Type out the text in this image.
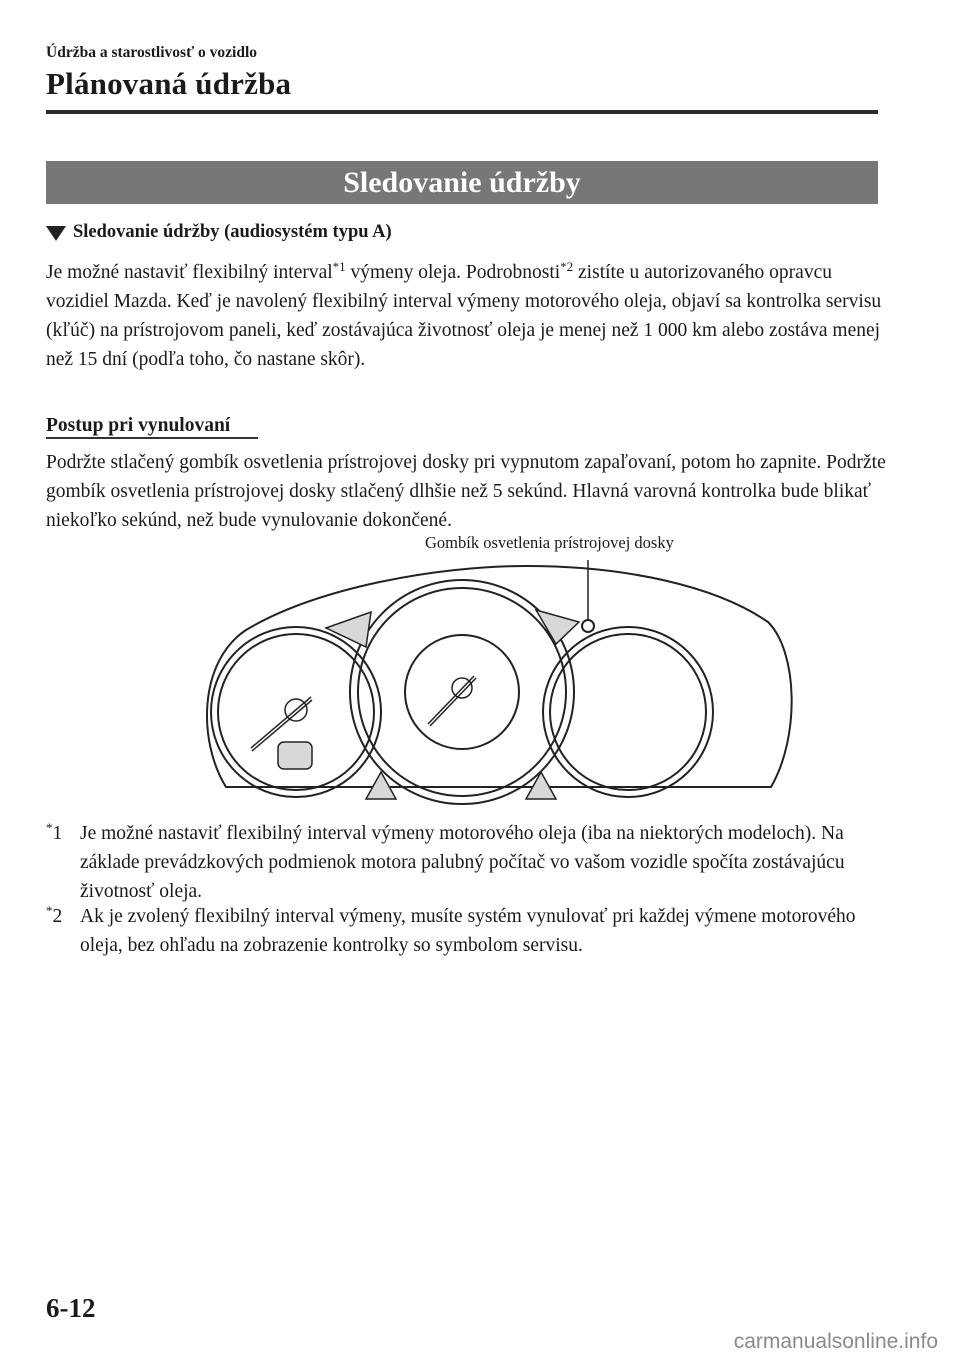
Údržba a starostlivosť o vozidlo
Plánovaná údržba
Sledovanie údržby
Sledovanie údržby (audiosystém typu A)

Je možné nastaviť flexibilný interval$^{*1}$ výmeny oleja. Podrobnosti$^{*2}$ zistíte u autorizovaného opravcu vozidiel Mazda. Keď je navolený flexibilný interval výmeny motorového oleja, objaví sa kontrolka servisu (kľúč) na prístrojovom paneli, keď zostávajúca životnosť oleja je menej než 1 000 km alebo zostáva menej než 15 dní (podľa toho, čo nastane skôr).

Postup pri vynulovaní

Podržte stlačený gombík osvetlenia prístrojovej dosky pri vypnutom zapaľovaní, potom ho zapnite. Podržte gombík osvetlenia prístrojovej dosky stlačený dlhšie než 5 sekúnd. Hlavná varovná kontrolka bude blikať niekoľko sekúnd, než bude vynulovanie dokončené.

Gombík osvetlenia prístrojovej dosky
*1 Je možné nastaviť flexibilný interval výmeny motorového oleja (iba na niektorých modeloch). Na základe prevádzkových podmienok motora palubný počítač vo vašom vozidle spočíta zostávajúcu životnosť oleja.
*2 Ak je zvolený flexibilný interval výmeny, musíte systém vynulovať pri každej výmene motorového oleja, bez ohľadu na zobrazenie kontrolky so symbolom servisu.
6-12
carmanualsonline.info
